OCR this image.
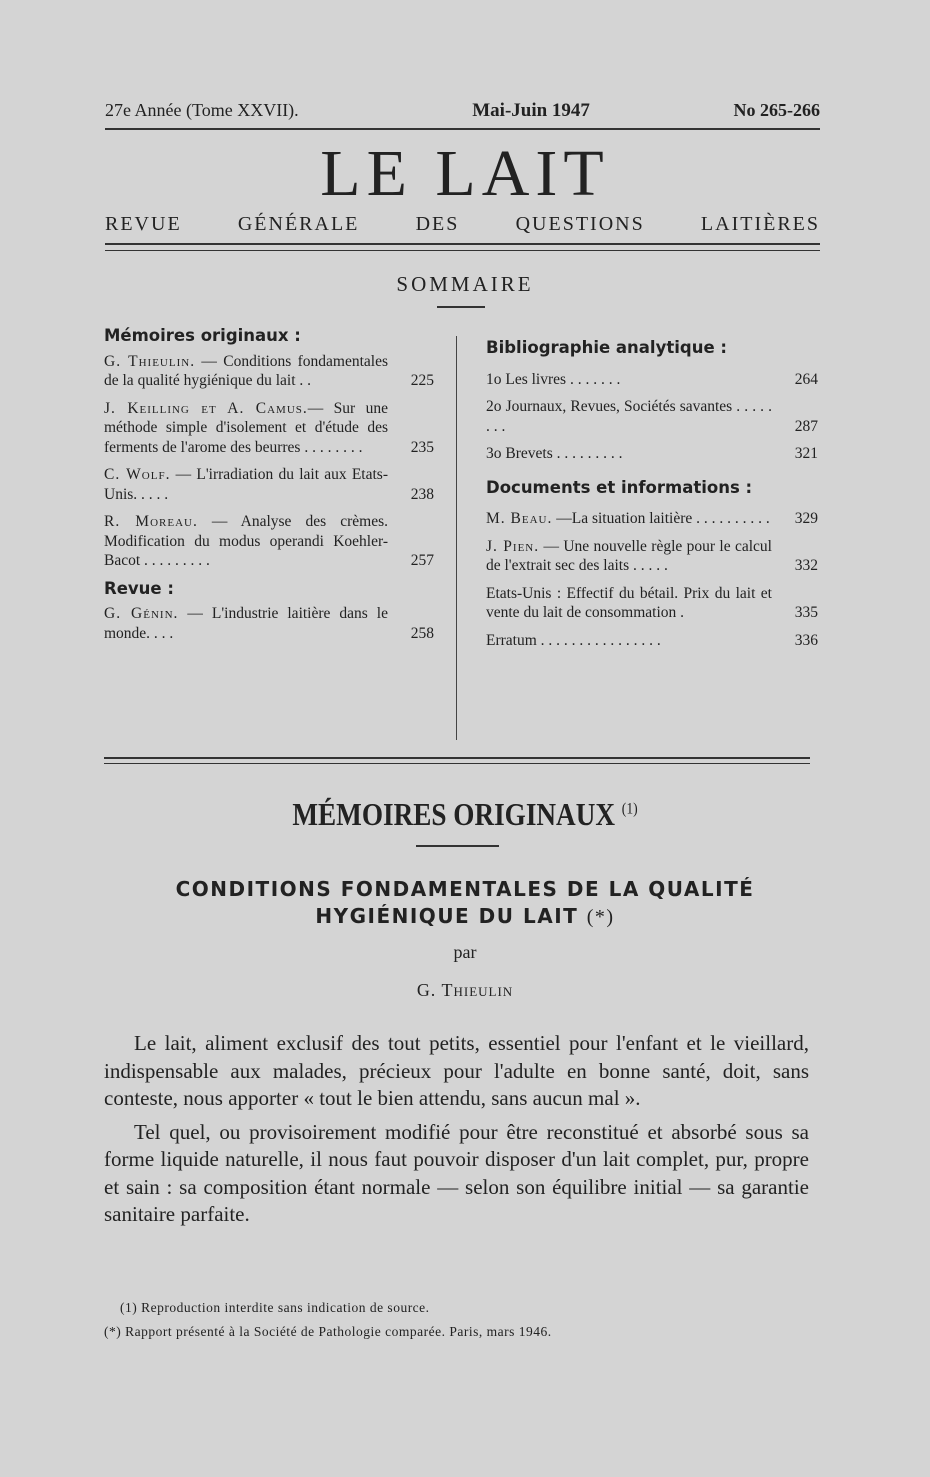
27e Année (Tome XXVII).	Mai-Juin 1947	No 265-266
LE LAIT
REVUE GÉNÉRALE DES QUESTIONS LAITIÈRES
SOMMAIRE
Mémoires originaux :
G. Thieulin. — Conditions fondamentales de la qualité hygiénique du lait . .	225
J. Keilling et A. Camus.— Sur une méthode simple d'isolement et d'étude des ferments de l'arome des beurres . . . . . . . .	235
C. Wolf. — L'irradiation du lait aux Etats-Unis. . . . .	238
R. Moreau. — Analyse des crèmes. Modification du modus operandi Koehler-Bacot . . . . . . . . .	257
Revue :
G. Génin. — L'industrie laitière dans le monde. . . .	258
Bibliographie analytique :
1o Les livres . . . . . . .	264
2o Journaux, Revues, Sociétés savantes . . . . . . . .	287
3o Brevets . . . . . . . . .	321
Documents et informations :
M. Beau. —La situation laitière . . . . . . . . . .	329
J. Pien. — Une nouvelle règle pour le calcul de l'extrait sec des laits . . . . .	332
Etats-Unis : Effectif du bétail. Prix du lait et vente du lait de consommation .	335
Erratum . . . . . . . . . . . . . . . .	336
MÉMOIRES ORIGINAUX $^{(1)}$
CONDITIONS FONDAMENTALES DE LA QUALITÉ
HYGIÉNIQUE DU LAIT (*)
par
G. Thieulin

Le lait, aliment exclusif des tout petits, essentiel pour l'enfant et le vieillard, indispensable aux malades, précieux pour l'adulte en bonne santé, doit, sans conteste, nous apporter « tout le bien attendu, sans aucun mal ».

Tel quel, ou provisoirement modifié pour être reconstitué et absorbé sous sa forme liquide naturelle, il nous faut pouvoir disposer d'un lait complet, pur, propre et sain : sa composition étant normale — selon son équilibre initial — sa garantie sanitaire parfaite.

(1) Reproduction interdite sans indication de source.
(*) Rapport présenté à la Société de Pathologie comparée. Paris, mars 1946.
